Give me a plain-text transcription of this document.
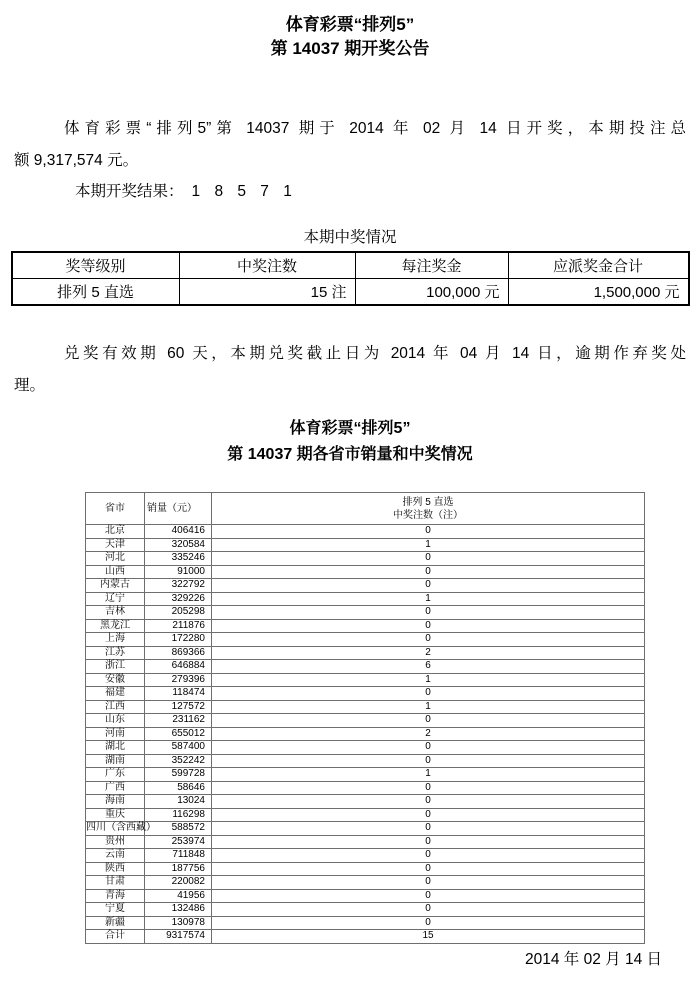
体育彩票“排列5”
第 14037 期开奖公告
体育彩票“排列5”第 14037 期于 2014 年 02 月 14 日开奖，本期投注总
额 9,317,574 元。
本期开奖结果： 1 8 5 7 1
本期中奖情况
奖等级别	中奖注数	每注奖金	应派奖金合计
排列 5 直选	15 注	100,000 元	1,500,000 元
兑奖有效期 60 天，本期兑奖截止日为 2014 年 04 月 14 日，逾期作弃奖处
理。
体育彩票“排列5”
第 14037 期各省市销量和中奖情况
省市	销量（元）	排列 5 直选
中奖注数（注）

北京	406416	0
天津	320584	1
河北	335246	0
山西	91000	0
内蒙古	322792	0
辽宁	329226	1
吉林	205298	0
黑龙江	211876	0
上海	172280	0
江苏	869366	2
浙江	646884	6
安徽	279396	1
福建	118474	0
江西	127572	1
山东	231162	0
河南	655012	2
湖北	587400	0
湖南	352242	0
广东	599728	1
广西	58646	0
海南	13024	0
重庆	116298	0
四川（含西藏）	588572	0
贵州	253974	0
云南	711848	0
陕西	187756	0
甘肃	220082	0
青海	41956	0
宁夏	132486	0
新疆	130978	0
合计	9317574	15
2014 年 02 月 14 日
